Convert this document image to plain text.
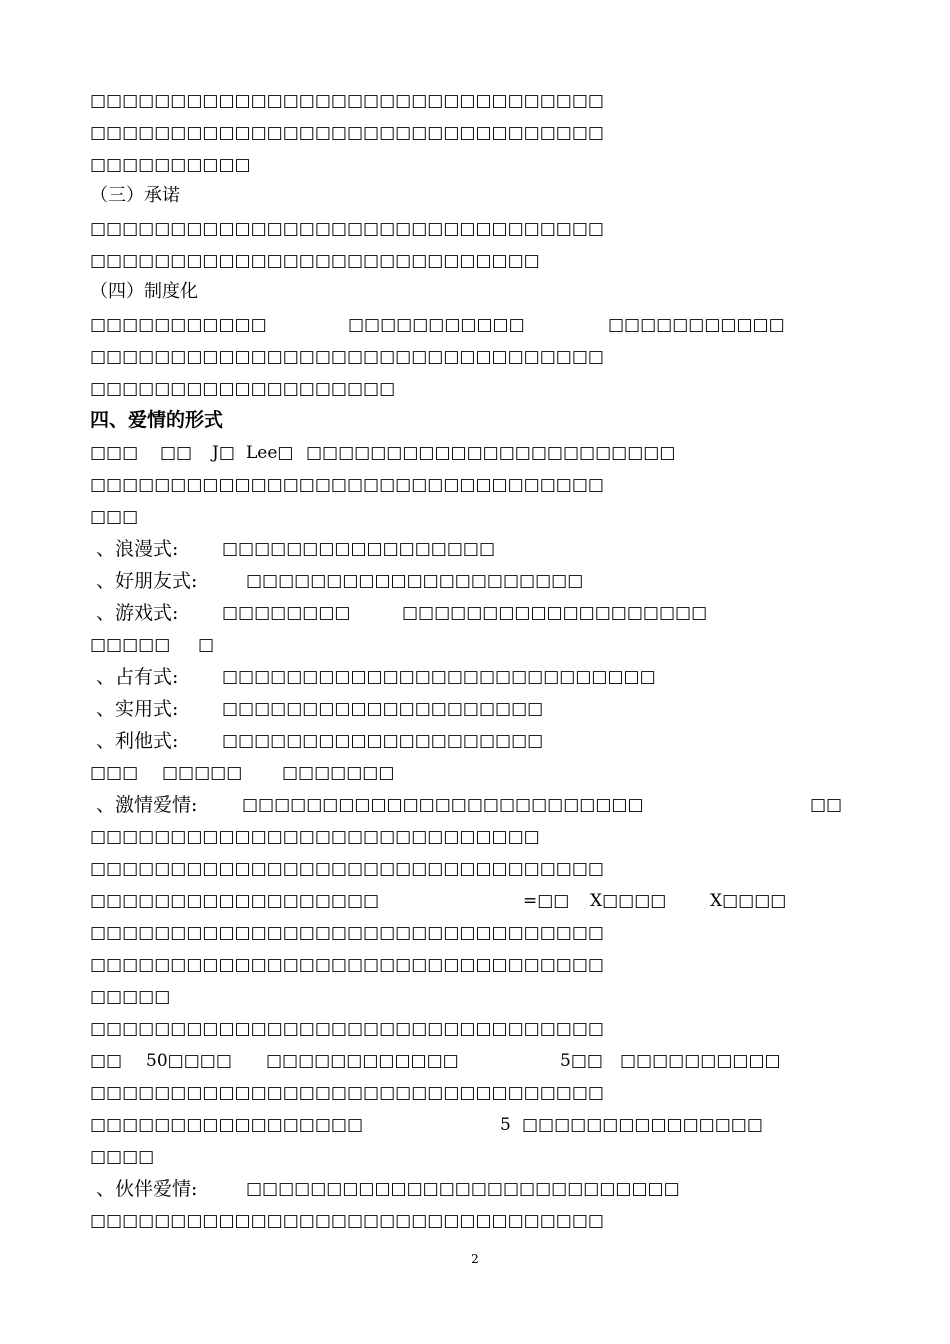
□□□□□□□□□□□□□□□□□□□□□□□□□□□□□□□□
□□□□□□□□□□□□□□□□□□□□□□□□□□□□□□□□
□□□□□□□□□□
（三）承诺
□□□□□□□□□□□□□□□□□□□□□□□□□□□□□□□□
□□□□□□□□□□□□□□□□□□□□□□□□□□□□
（四）制度化
□□□□□□□□□□□	□□□□□□□□□□□	□□□□□□□□□□□
□□□□□□□□□□□□□□□□□□□□□□□□□□□□□□□□
□□□□□□□□□□□□□□□□□□□
四、爱情的形式
□□□ □□ J□ Lee□ □□□□□□□□□□□□□□□□□□□□□□□
□□□□□□□□□□□□□□□□□□□□□□□□□□□□□□□□
□□□
、浪漫式:	□□□□□□□□□□□□□□□□□
、好朋友式:	□□□□□□□□□□□□□□□□□□□□□
、游戏式:	□□□□□□□□	□□□□□□□□□□□□□□□□□□□
□□□□□ □
、占有式:	□□□□□□□□□□□□□□□□□□□□□□□□□□□
、实用式:	□□□□□□□□□□□□□□□□□□□□
、利他式:	□□□□□□□□□□□□□□□□□□□□
□□□ □□□□□ □□□□□□□
、激情爱情:	□□□□□□□□□□□□□□□□□□□□□□□□□	□□
□□□□□□□□□□□□□□□□□□□□□□□□□□□□
□□□□□□□□□□□□□□□□□□□□□□□□□□□□□□□□
□□□□□□□□□□□□□□□□□□	=□□ X□□□□	X□□□□
□□□□□□□□□□□□□□□□□□□□□□□□□□□□□□□□
□□□□□□□□□□□□□□□□□□□□□□□□□□□□□□□□
□□□□□
□□□□□□□□□□□□□□□□□□□□□□□□□□□□□□□□
□□ 50□□□□ □□□□□□□□□□□□	5□□ □□□□□□□□□□
□□□□□□□□□□□□□□□□□□□□□□□□□□□□□□□□
□□□□□□□□□□□□□□□□□	5 □□□□□□□□□□□□□□□
□□□□
、伙伴爱情:	□□□□□□□□□□□□□□□□□□□□□□□□□□□
□□□□□□□□□□□□□□□□□□□□□□□□□□□□□□□□
2
